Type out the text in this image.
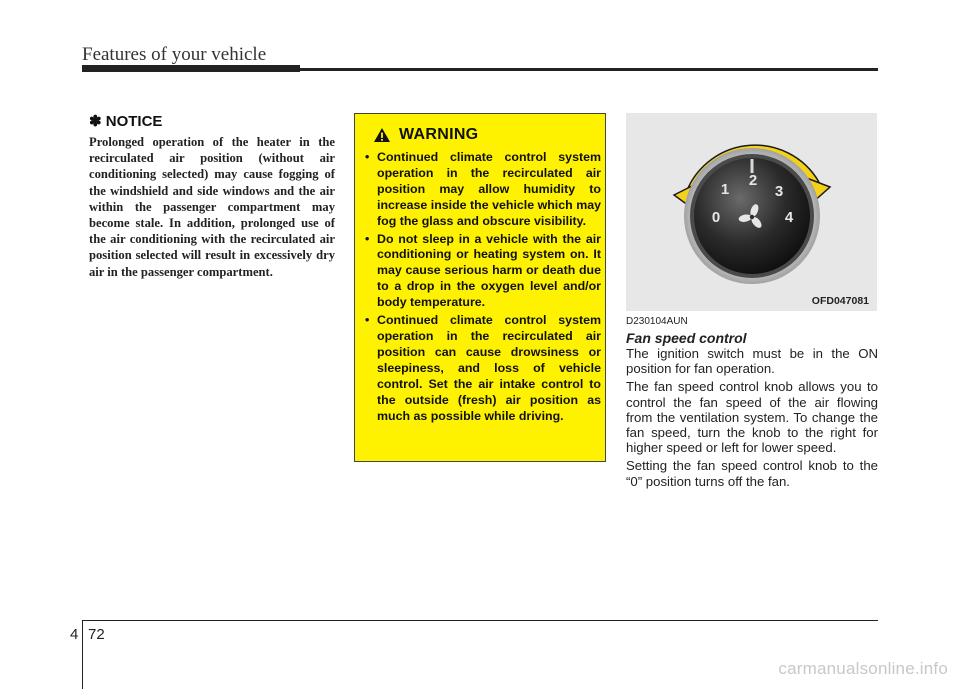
Features of your vehicle
✽ NOTICE

Prolonged operation of the heater in the recirculated air position (without air conditioning selected) may cause fogging of the windshield and side windows and the air within the passenger compartment may become stale. In addition, prolonged use of the air conditioning with the recirculated air position selected will result in excessively dry air in the passenger compartment.

WARNING
• Continued climate control system operation in the recirculated air position may allow humidity to increase inside the vehicle which may fog the glass and obscure visibility.
• Do not sleep in a vehicle with the air conditioning or heating system on. It may cause serious harm or death due to a drop in the oxygen level and/or body temperature.
• Continued climate control system operation in the recirculated air position can cause drowsiness or sleepiness, and loss of vehicle control. Set the air intake control to the outside (fresh) air position as much as possible while driving.
0
1
2
3
4
OFD047081
D230104AUN
Fan speed control

The ignition switch must be in the ON position for fan operation.

The fan speed control knob allows you to control the fan speed of the air flowing from the ventilation system. To change the fan speed, turn the knob to the right for higher speed or left for lower speed.

Setting the fan speed control knob to the “0” position turns off the fan.

4 72
carmanualsonline.info
